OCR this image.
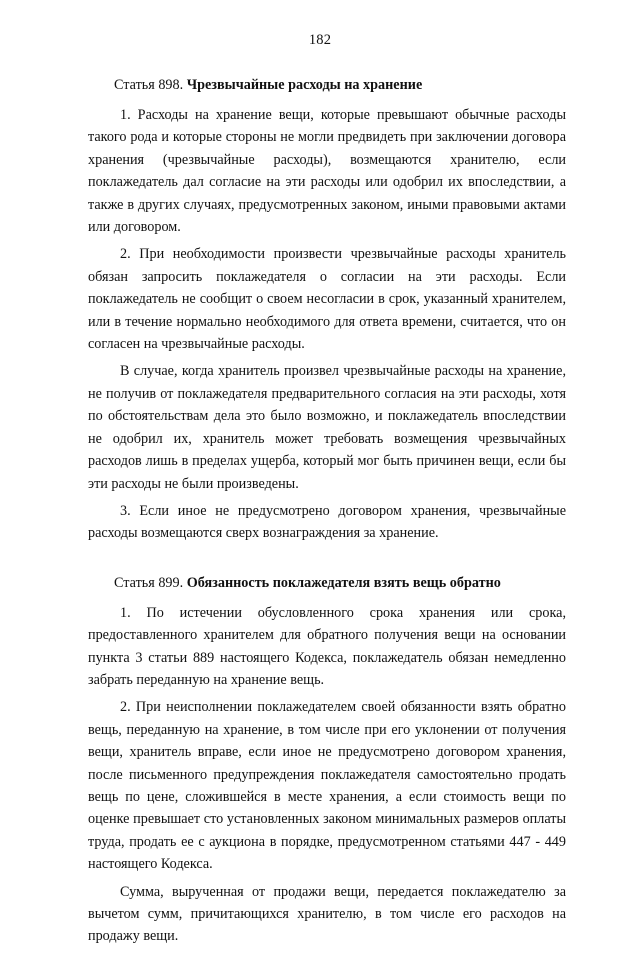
182

Статья 898. Чрезвычайные расходы на хранение

1. Расходы на хранение вещи, которые превышают обычные расходы такого рода и которые стороны не могли предвидеть при заключении договора хранения (чрезвычайные расходы), возмещаются хранителю, если поклажедатель дал согласие на эти расходы или одобрил их впоследствии, а также в других случаях, предусмотренных законом, иными правовыми актами или договором.

2. При необходимости произвести чрезвычайные расходы хранитель обязан запросить поклажедателя о согласии на эти расходы. Если поклажедатель не сообщит о своем несогласии в срок, указанный хранителем, или в течение нормально необходимого для ответа времени, считается, что он согласен на чрезвычайные расходы.

В случае, когда хранитель произвел чрезвычайные расходы на хранение, не получив от поклажедателя предварительного согласия на эти расходы, хотя по обстоятельствам дела это было возможно, и поклажедатель впоследствии не одобрил их, хранитель может требовать возмещения чрезвычайных расходов лишь в пределах ущерба, который мог быть причинен вещи, если бы эти расходы не были произведены.

3. Если иное не предусмотрено договором хранения, чрезвычайные расходы возмещаются сверх вознаграждения за хранение.

Статья 899. Обязанность поклажедателя взять вещь обратно

1. По истечении обусловленного срока хранения или срока, предоставленного хранителем для обратного получения вещи на основании пункта 3 статьи 889 настоящего Кодекса, поклажедатель обязан немедленно забрать переданную на хранение вещь.

2. При неисполнении поклажедателем своей обязанности взять обратно вещь, переданную на хранение, в том числе при его уклонении от получения вещи, хранитель вправе, если иное не предусмотрено договором хранения, после письменного предупреждения поклажедателя самостоятельно продать вещь по цене, сложившейся в месте хранения, а если стоимость вещи по оценке превышает сто установленных законом минимальных размеров оплаты труда, продать ее с аукциона в порядке, предусмотренном статьями 447 - 449 настоящего Кодекса.

Сумма, вырученная от продажи вещи, передается поклажедателю за вычетом сумм, причитающихся хранителю, в том числе его расходов на продажу вещи.
